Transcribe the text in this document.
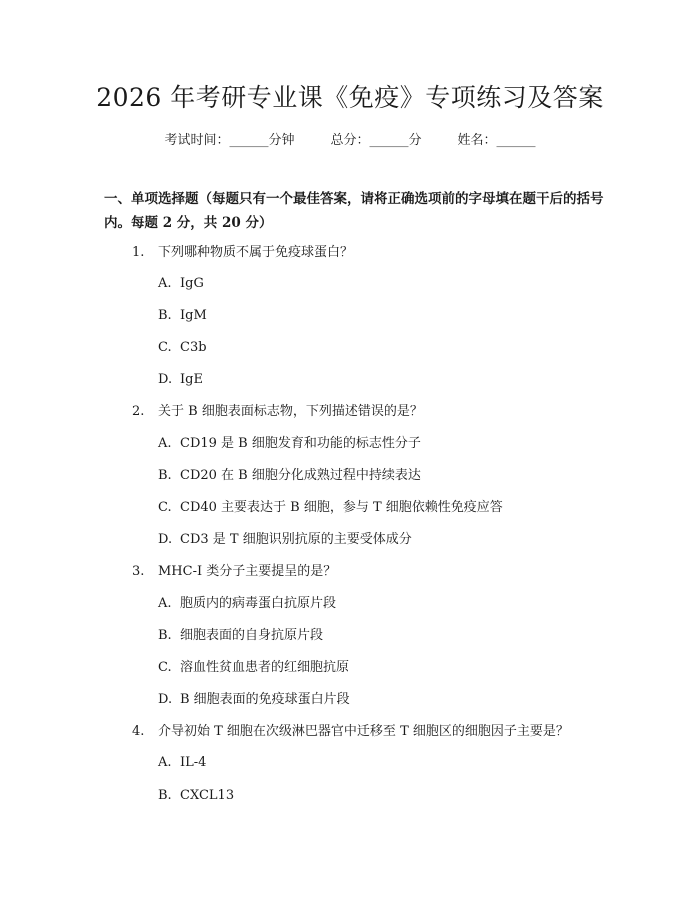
2026 年考研专业课《免疫》专项练习及答案
考试时间：______分钟	总分：______分	姓名：______
一、单项选择题（每题只有一个最佳答案，请将正确选项前的字母填在题干后的括号内。每题 2 分，共 20 分）
1. 下列哪种物质不属于免疫球蛋白？
A. IgG
B. IgM
C. C3b
D. IgE
2. 关于 B 细胞表面标志物，下列描述错误的是？
A. CD19 是 B 细胞发育和功能的标志性分子
B. CD20 在 B 细胞分化成熟过程中持续表达
C. CD40 主要表达于 B 细胞，参与 T 细胞依赖性免疫应答
D. CD3 是 T 细胞识别抗原的主要受体成分
3. MHC-I 类分子主要提呈的是？
A. 胞质内的病毒蛋白抗原片段
B. 细胞表面的自身抗原片段
C. 溶血性贫血患者的红细胞抗原
D. B 细胞表面的免疫球蛋白片段
4. 介导初始 T 细胞在次级淋巴器官中迁移至 T 细胞区的细胞因子主要是？
A. IL-4
B. CXCL13
